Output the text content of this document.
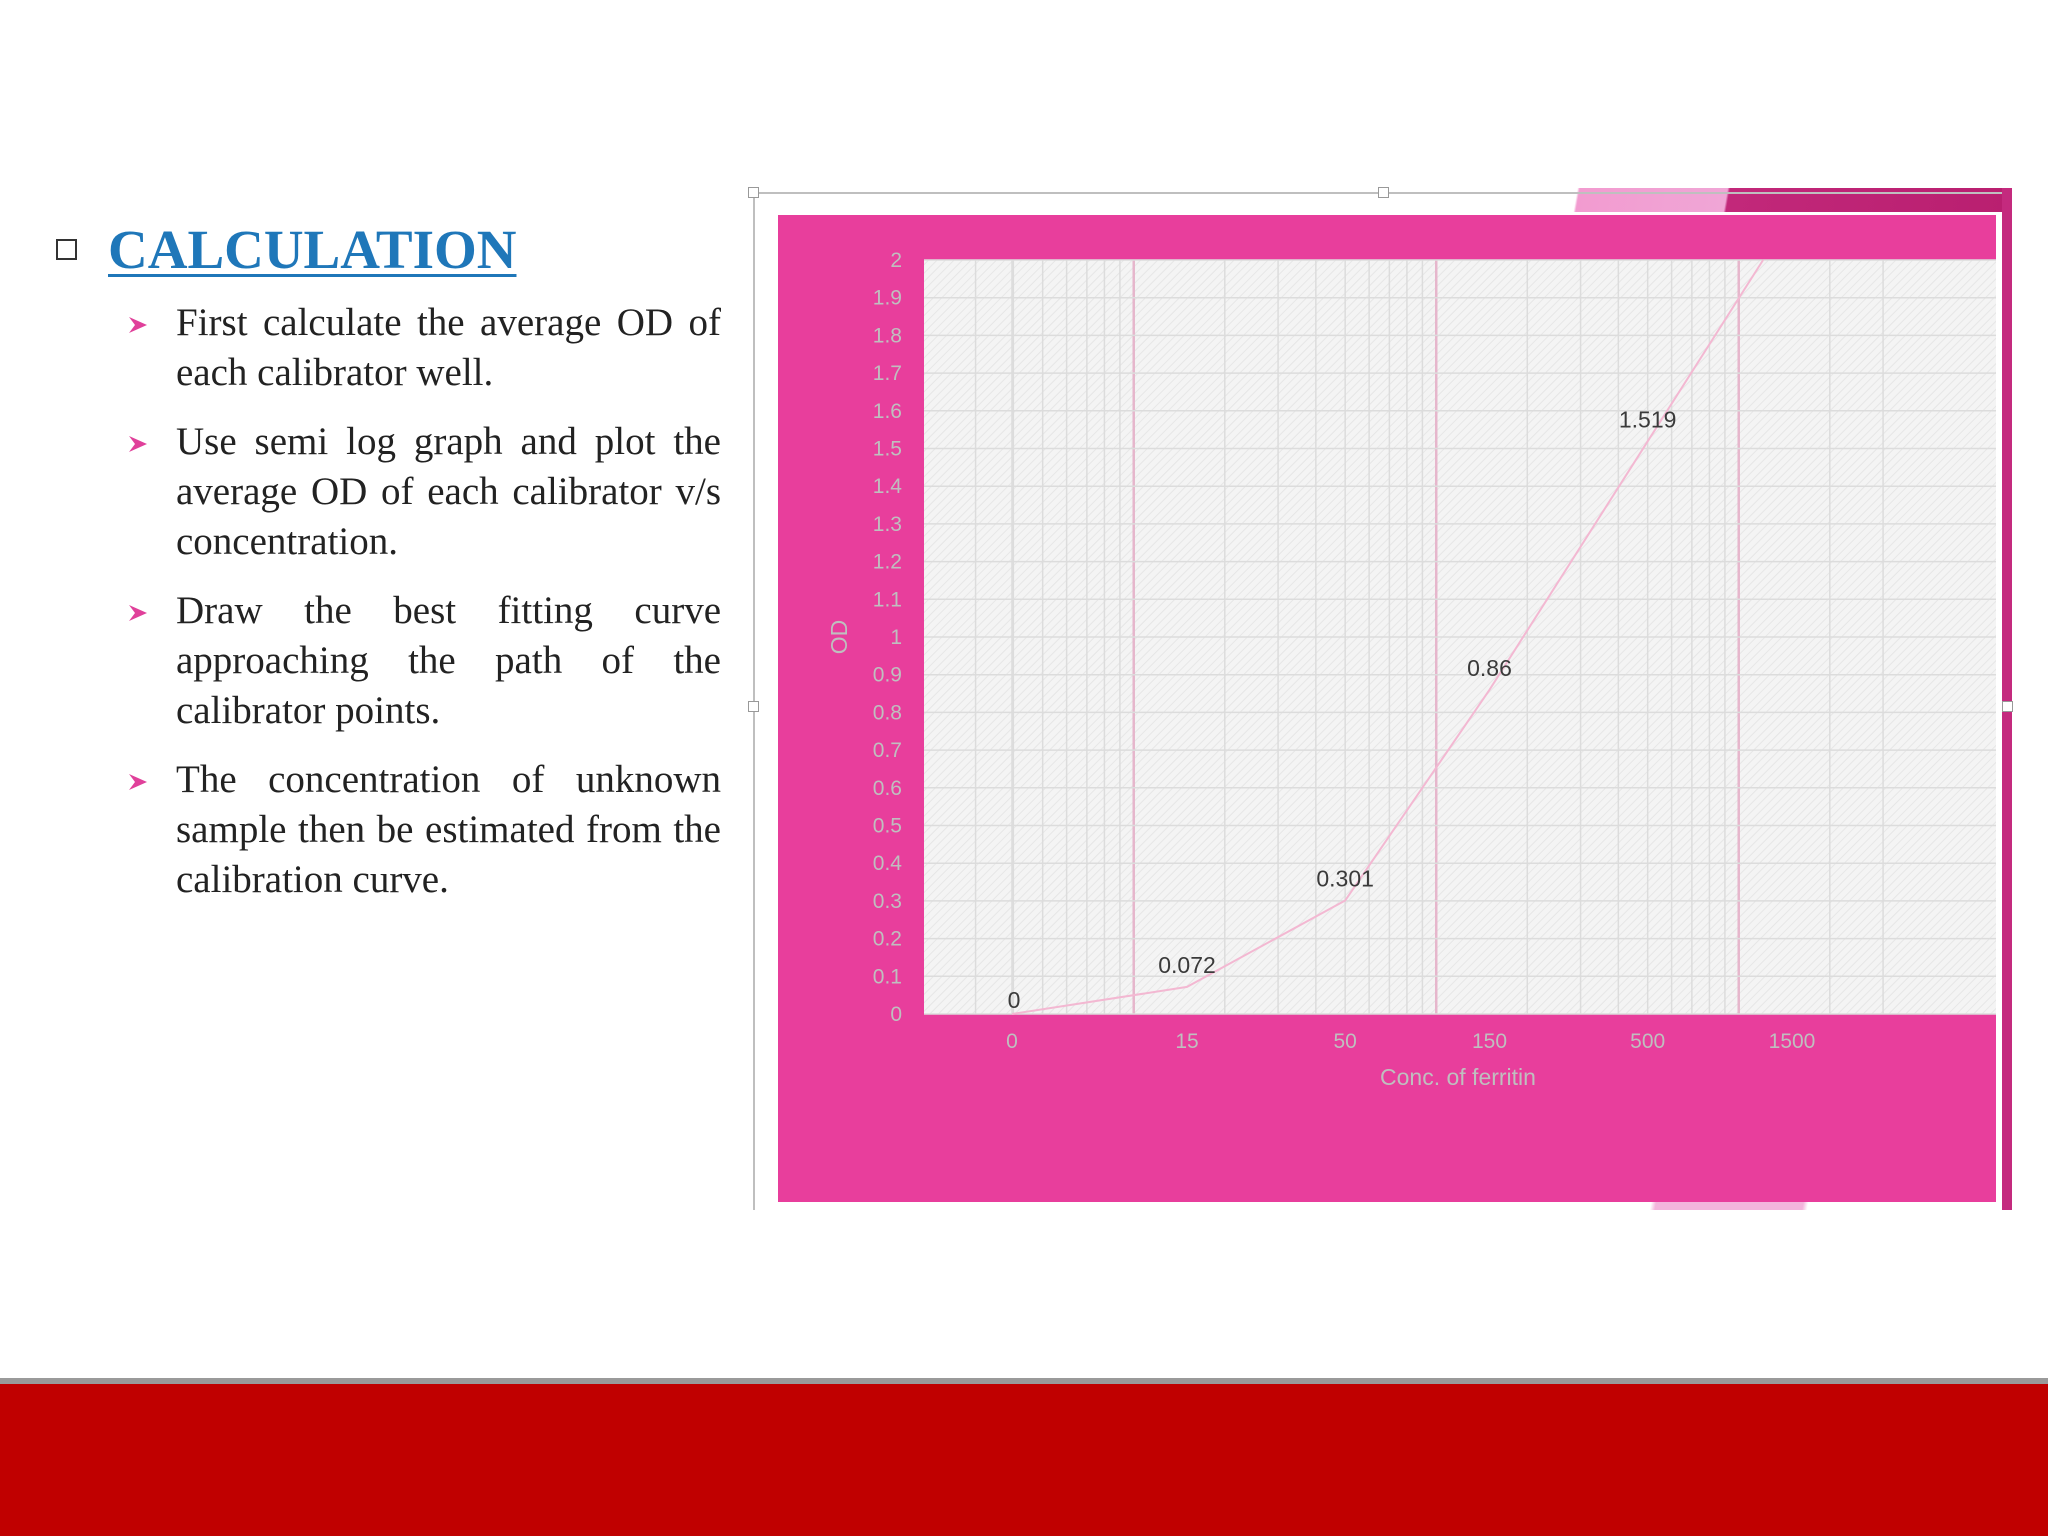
CALCULATION
First calculate the average OD of each calibrator well.
Use semi log graph and plot the average OD of each calibrator v/s concentration.
Draw the best fitting curve approaching the path of the calibrator points.
The concentration of unknown sample then be estimated from the calibration curve.
0
0.1
0.2
0.3
0.4
0.5
0.6
0.7
0.8
0.9
1
1.1
1.2
1.3
1.4
1.5
1.6
1.7
1.8
1.9
2
0	15	50	150	500	1500
0
0.072
0.301
0.86
1.519
Conc. of ferritin
OD
